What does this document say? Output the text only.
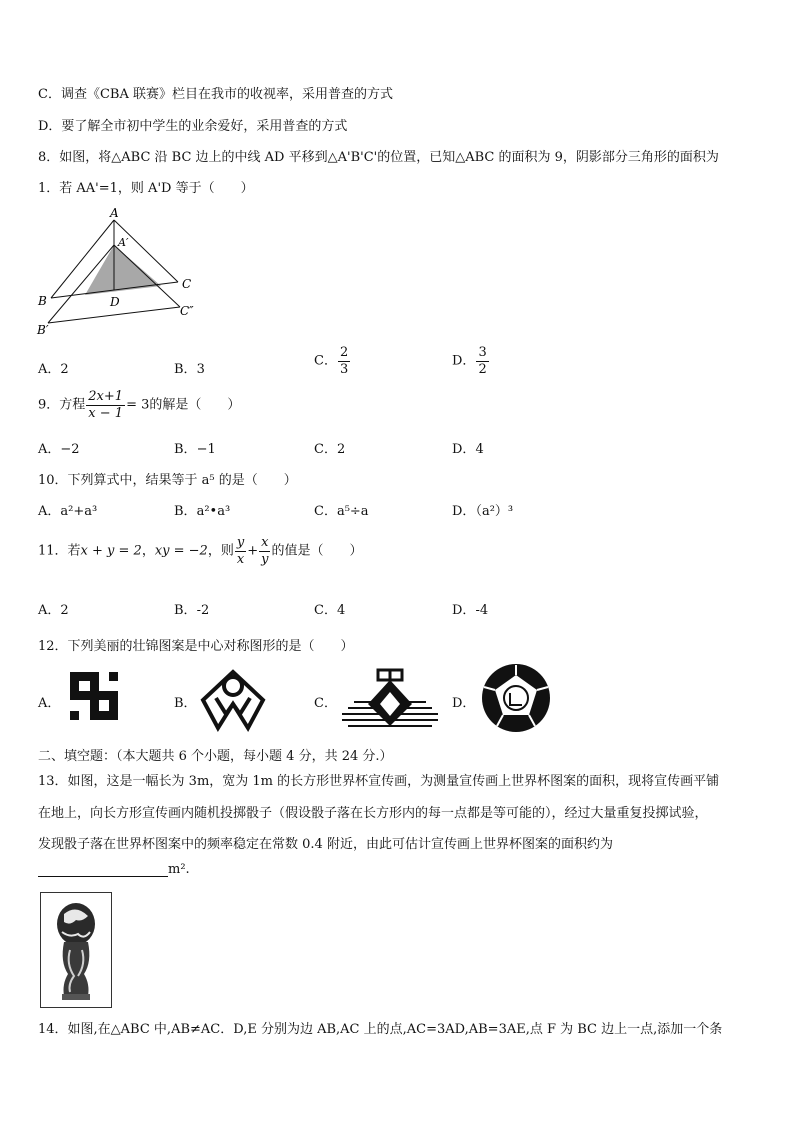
C．调查《CBA 联赛》栏目在我市的收视率，采用普查的方式
D．要了解全市初中学生的业余爱好，采用普查的方式
8．如图，将△ABC 沿 BC 边上的中线 AD 平移到△A'B'C'的位置，已知△ABC 的面积为 9，阴影部分三角形的面积为
1．若 AA'=1，则 A'D 等于（　　）
A
A′
B
C
D
B′
C″
A．2	B．3
C． $\frac{2}{3}$	D． $\frac{3}{2}$
9．方程 $\frac{2x+1}{x - 1} = 3$的解是（　　）
A．−2	B．−1	C．2	D．4
10．下列算式中，结果等于 a⁵ 的是（　　）
A．a²+a³	B．a²•a³	C．a⁵÷a	D．（a²）³
11．若x + y = 2，xy = −2，则 $\frac{y}{x} + \frac{x}{y}$ 的值是（　　）
A．2	B．-2	C．4	D．-4
12．下列美丽的壮锦图案是中心对称图形的是（　　）
A．	B．	C．	D．
二、填空题：（本大题共 6 个小题，每小题 4 分，共 24 分.）
13．如图，这是一幅长为 3m，宽为 1m 的长方形世界杯宣传画，为测量宣传画上世界杯图案的面积，现将宣传画平铺
在地上，向长方形宣传画内随机投掷骰子（假设骰子落在长方形内的每一点都是等可能的），经过大量重复投掷试验，
发现骰子落在世界杯图案中的频率稳定在常数 0.4 附近，由此可估计宣传画上世界杯图案的面积约为
m².
14．如图,在△ABC 中,AB≠AC．D,E 分别为边 AB,AC 上的点,AC=3AD,AB=3AE,点 F 为 BC 边上一点,添加一个条
